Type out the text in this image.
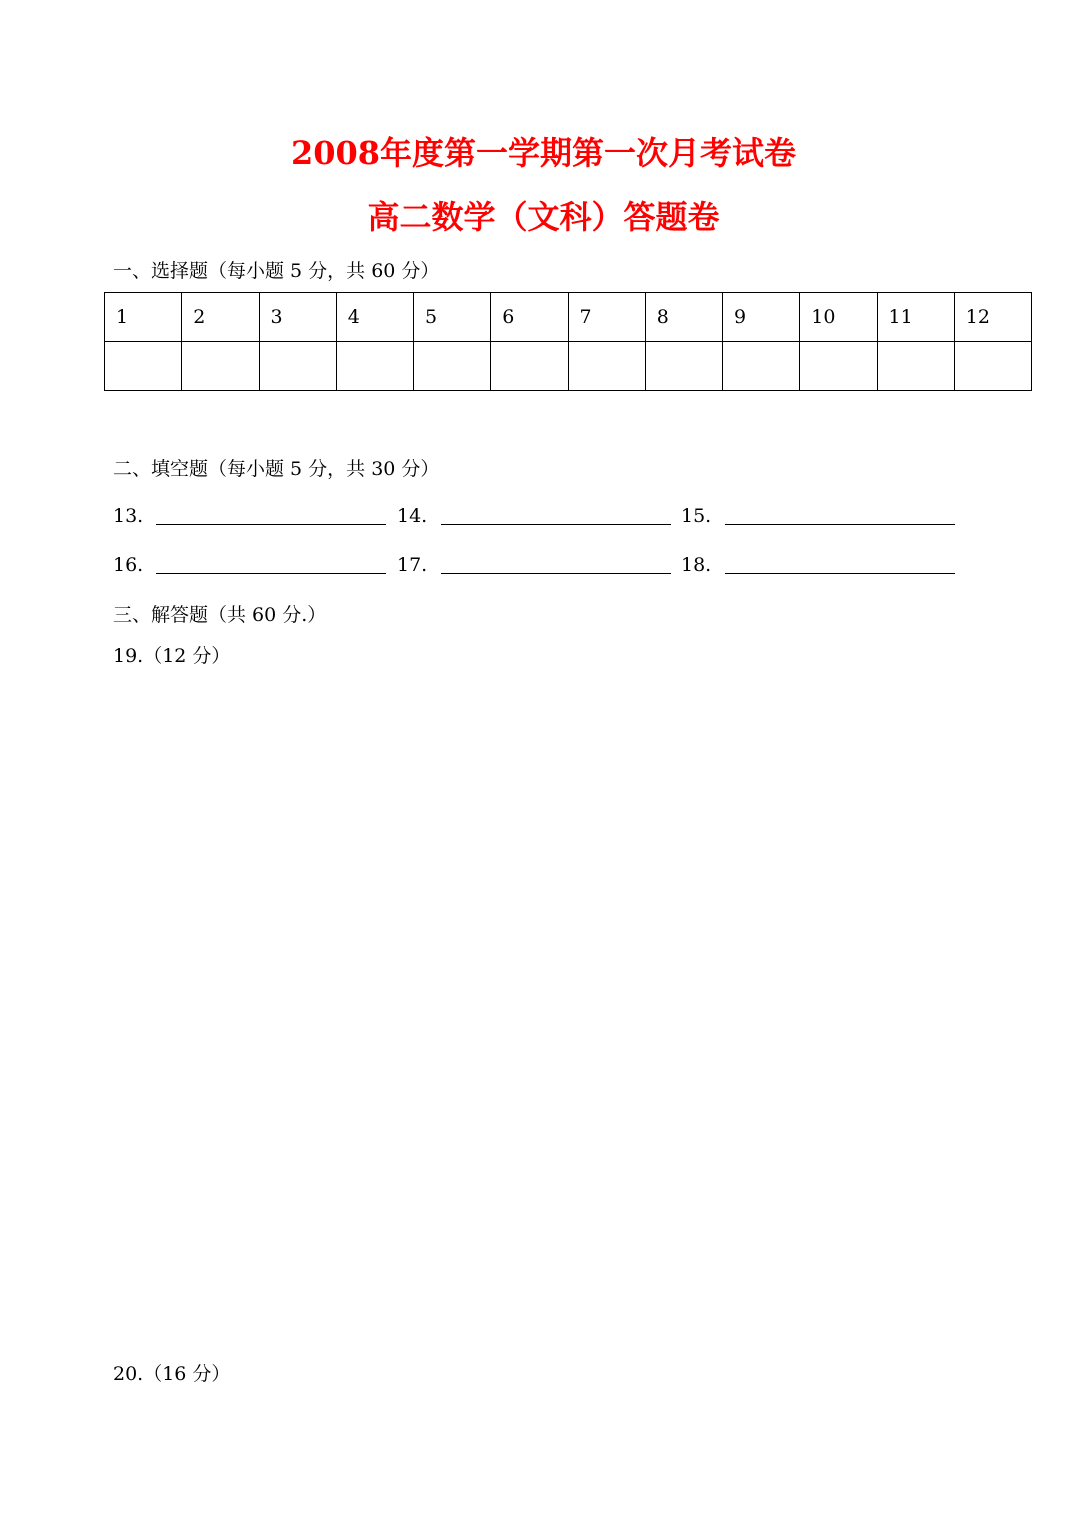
2008年度第一学期第一次月考试卷
高二数学（文科）答题卷
一、选择题（每小题 5 分，共 60 分）
1	2	3	4	5	6	7	8	9	10	11	12

二、填空题（每小题 5 分，共 30 分）
13.	14.	15.
16.	17.	18.
三、解答题（共 60 分.）
19.（12 分）
20.（16 分）
